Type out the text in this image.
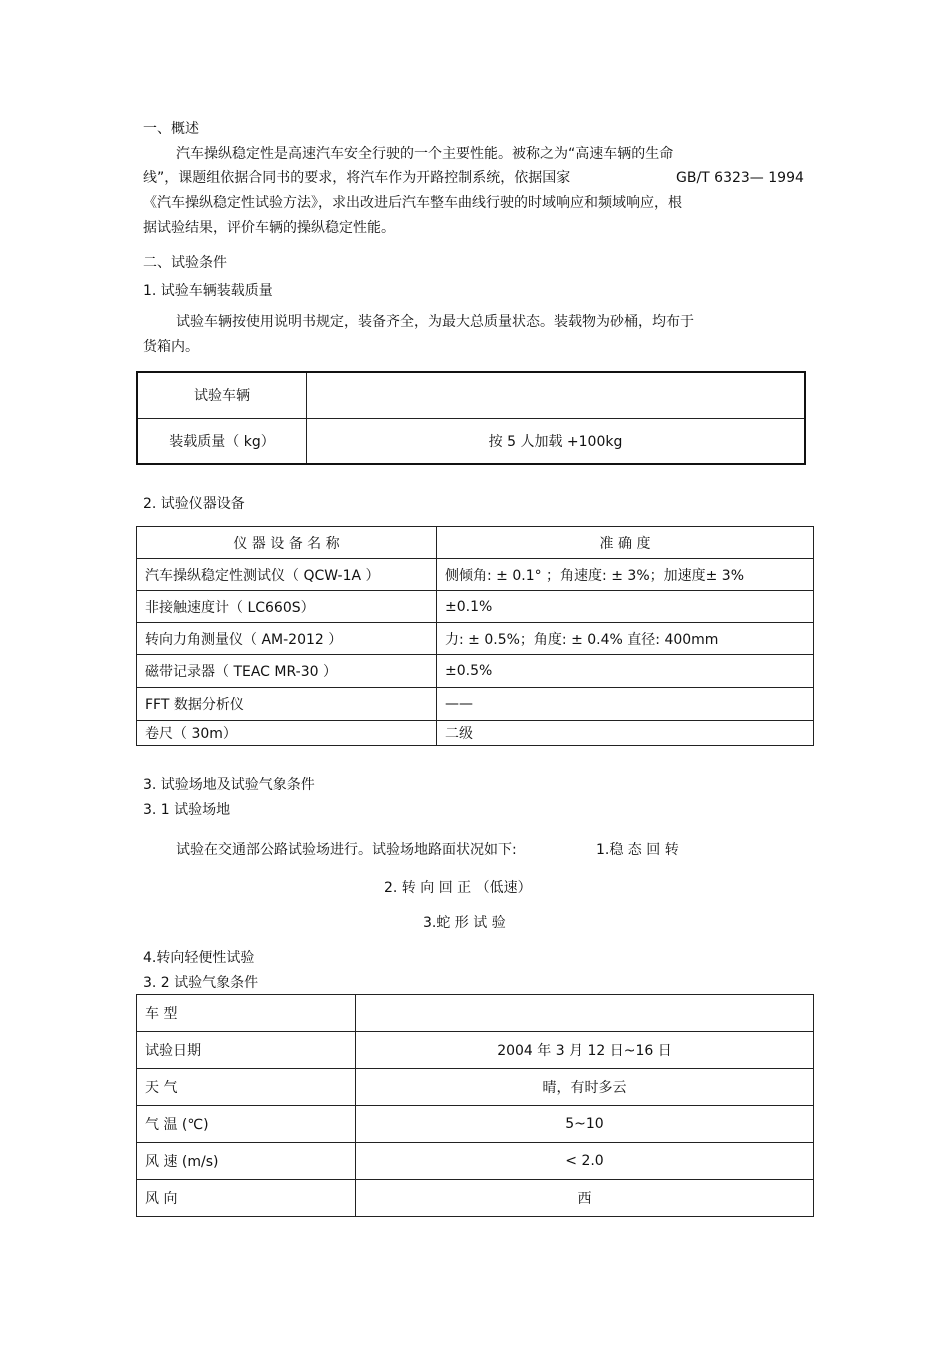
一、概述
汽车操纵稳定性是高速汽车安全行驶的一个主要性能。被称之为“高速车辆的生命
线”，课题组依据合同书的要求，将汽车作为开路控制系统，依据国家	GB/T 6323— 1994
《汽车操纵稳定性试验方法》，求出改进后汽车整车曲线行驶的时域响应和频域响应，根
据试验结果，评价车辆的操纵稳定性能。
二、试验条件
1. 试验车辆装载质量
试验车辆按使用说明书规定，装备齐全，为最大总质量状态。装载物为砂桶，均布于
货箱内。
试验车辆	
装载质量（ kg）	按 5 人加载 +100kg
2. 试验仪器设备
仪 器 设 备 名 称	准 确 度
汽车操纵稳定性测试仪（ QCW-1A ）	侧倾角: ± 0.1° ；角速度: ± 3%；加速度± 3%
非接触速度计（ LC660S）	±0.1%
转向力角测量仪（ AM-2012 ）	力: ± 0.5%；角度: ± 0.4% 直径: 400mm
磁带记录器（ TEAC MR-30 ）	±0.5%
FFT 数据分析仪	——
卷尺（ 30m）	二级
3. 试验场地及试验气象条件
3. 1 试验场地
试验在交通部公路试验场进行。试验场地路面状况如下:	1.稳 态 回 转
2. 转 向 回 正 （低速）
3.蛇 形 试 验
4.转向轻便性试验
3. 2 试验气象条件
车 型	
试验日期	2004 年 3 月 12 日~16 日
天 气	晴，有时多云
气 温 (℃)	5~10
风 速 (m/s)	< 2.0
风 向	西
